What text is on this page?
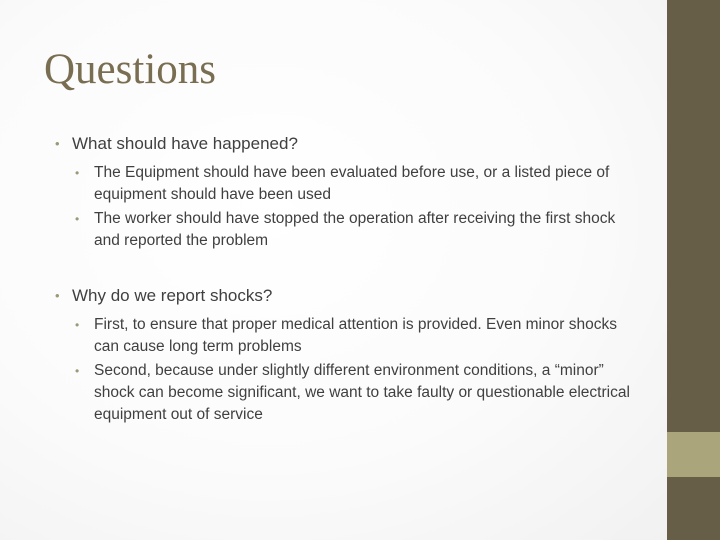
Questions
• What should have happened?
• The Equipment should have been evaluated before use, or a listed piece of equipment should have been used
• The worker should have stopped the operation after receiving the first shock and reported the problem
• Why do we report shocks?
• First, to ensure that proper medical attention is provided. Even minor shocks can cause long term problems
• Second, because under slightly different environment conditions, a “minor” shock can become significant, we want to take faulty or questionable electrical equipment out of service
